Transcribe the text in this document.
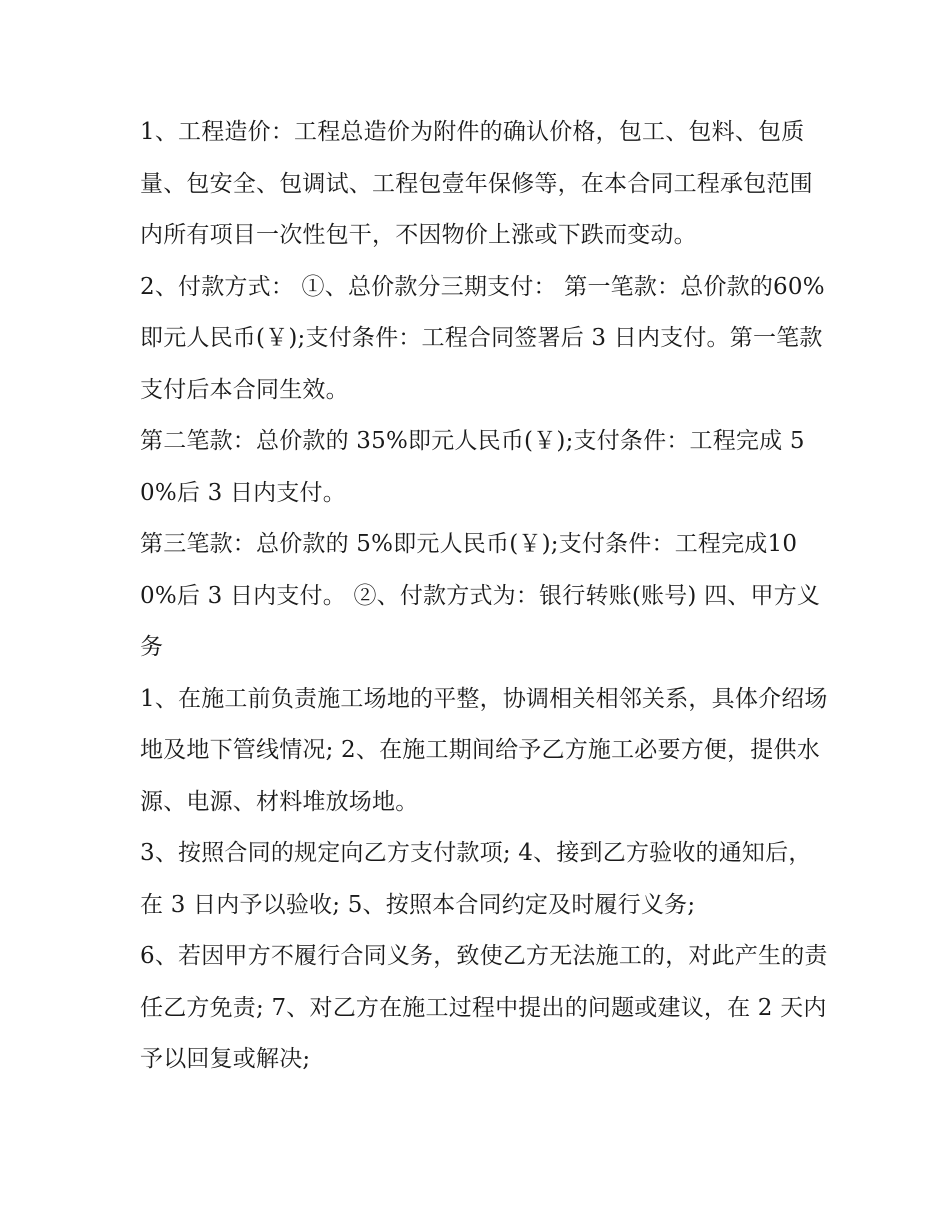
1、工程造价：工程总造价为附件的确认价格，包工、包料、包质量、包安全、包调试、工程包壹年保修等，在本合同工程承包范围内所有项目一次性包干，不因物价上涨或下跌而变动。

2、付款方式： ①、总价款分三期支付： 第一笔款：总价款的60%即元人民币(￥);支付条件：工程合同签署后 3 日内支付。第一笔款支付后本合同生效。

第二笔款：总价款的 35%即元人民币(￥);支付条件：工程完成 50%后 3 日内支付。

第三笔款：总价款的 5%即元人民币(￥);支付条件：工程完成100%后 3 日内支付。 ②、付款方式为：银行转账(账号) 四、甲方义务

1、在施工前负责施工场地的平整，协调相关相邻关系，具体介绍场地及地下管线情况; 2、在施工期间给予乙方施工必要方便，提供水源、电源、材料堆放场地。

3、按照合同的规定向乙方支付款项; 4、接到乙方验收的通知后，在 3 日内予以验收; 5、按照本合同约定及时履行义务;

6、若因甲方不履行合同义务，致使乙方无法施工的，对此产生的责任乙方免责; 7、对乙方在施工过程中提出的问题或建议，在 2 天内予以回复或解决;
